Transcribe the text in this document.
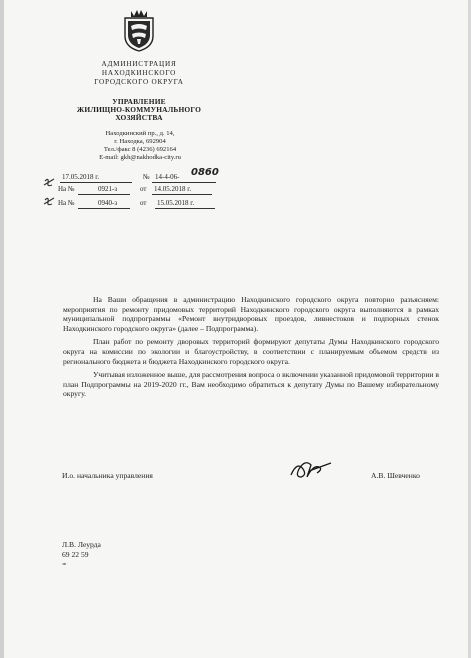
АДМИНИСТРАЦИЯ
НАХОДКИНСКОГО
ГОРОДСКОГО ОКРУГА
УПРАВЛЕНИЕ
ЖИЛИЩНО-КОММУНАЛЬНОГО
ХОЗЯЙСТВА
Находкинский пр., д. 14,
г. Находка, 692904
Тел./факс 8 (4236) 692164
E-mail: gkh@nakhodka-city.ru
17.05.2018 г.	№ 14-4-06- 0860
На №	0921-з	от 14.05.2018 г.
На №	0940-з	от 15.05.2018 г.

На Ваши обращения в администрацию Находкинского городского округа повторно разъясняем: мероприятия по ремонту придомовых территорий Находкинского городского округа выполняются в рамках муниципальной подпрограммы «Ремонт внутридворовых проездов, ливнестоков и подпорных стенок Находкинского городского округа» (далее – Подпрограмма).

План работ по ремонту дворовых территорий формируют депутаты Думы Находкинского городского округа на комиссии по экологии и благоустройству, в соответствии с планируемым объемом средств из регионального бюджета и бюджета Находкинского городского округа.

Учитывая изложенное выше, для рассмотрения вопроса о включении указанной придомовой территории в план Подпрограммы на 2019-2020 гг., Вам необходимо обратиться к депутату Думы по Вашему избирательному округу.

И.о. начальника управления	А.В. Шевченко
Л.В. Леурда
69 22 59
зв
